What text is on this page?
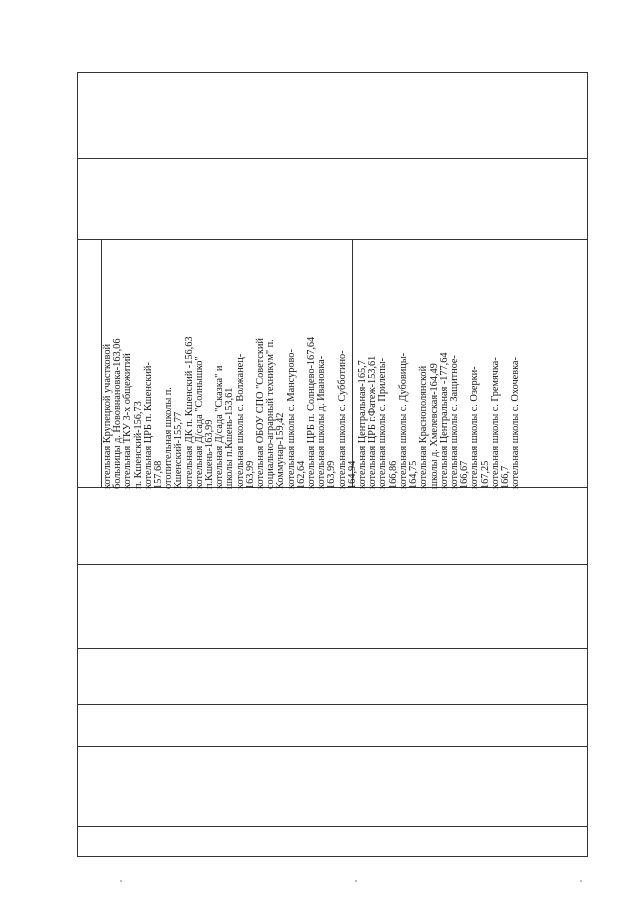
котельная Крупецкой участковой больницы д. Нововнановка-163,06 котельная ТКУ 3-х общежитий п. Кшенский-156,73 котельная ЦРБ п. Кшенский- 157,68 отопительная школы п. Кшенский-155,77 котельная ДК п. Кшенский -156,63 котельная Д/сада "Солнышко" п.Кшень-163,99 котельная Д/сада "Сказка" и школы п.Кшень-153,61 котельная школы с. Волжанец- 163,99 котельная ОБОУ СПО "Советский социально-аграрный техникум" п. Коммунар-159,42 котельная школы с. Мансурово- 162,64 котельная ЦРБ п. Солнцево-167,64 котельная школы д. Ивановка- 163,99 котельная школы с. Субботино- 164,94 котельная Центральная-165,7 котельная ЦРБ г.Фатеж-153,61 котельная школы с. Прилепы- 166,86 котельная школы с. Дубовицы- 164,75 котельная Краснополянской школы д. Хмелевская-164,49 котельная Центральная -177,64 котельная школы с. Защитное- 166,67 котельная школы с. Озерки- 167,25 котельная школы с. Гремячка- 166,7 котельная школы с. Охочевка-
